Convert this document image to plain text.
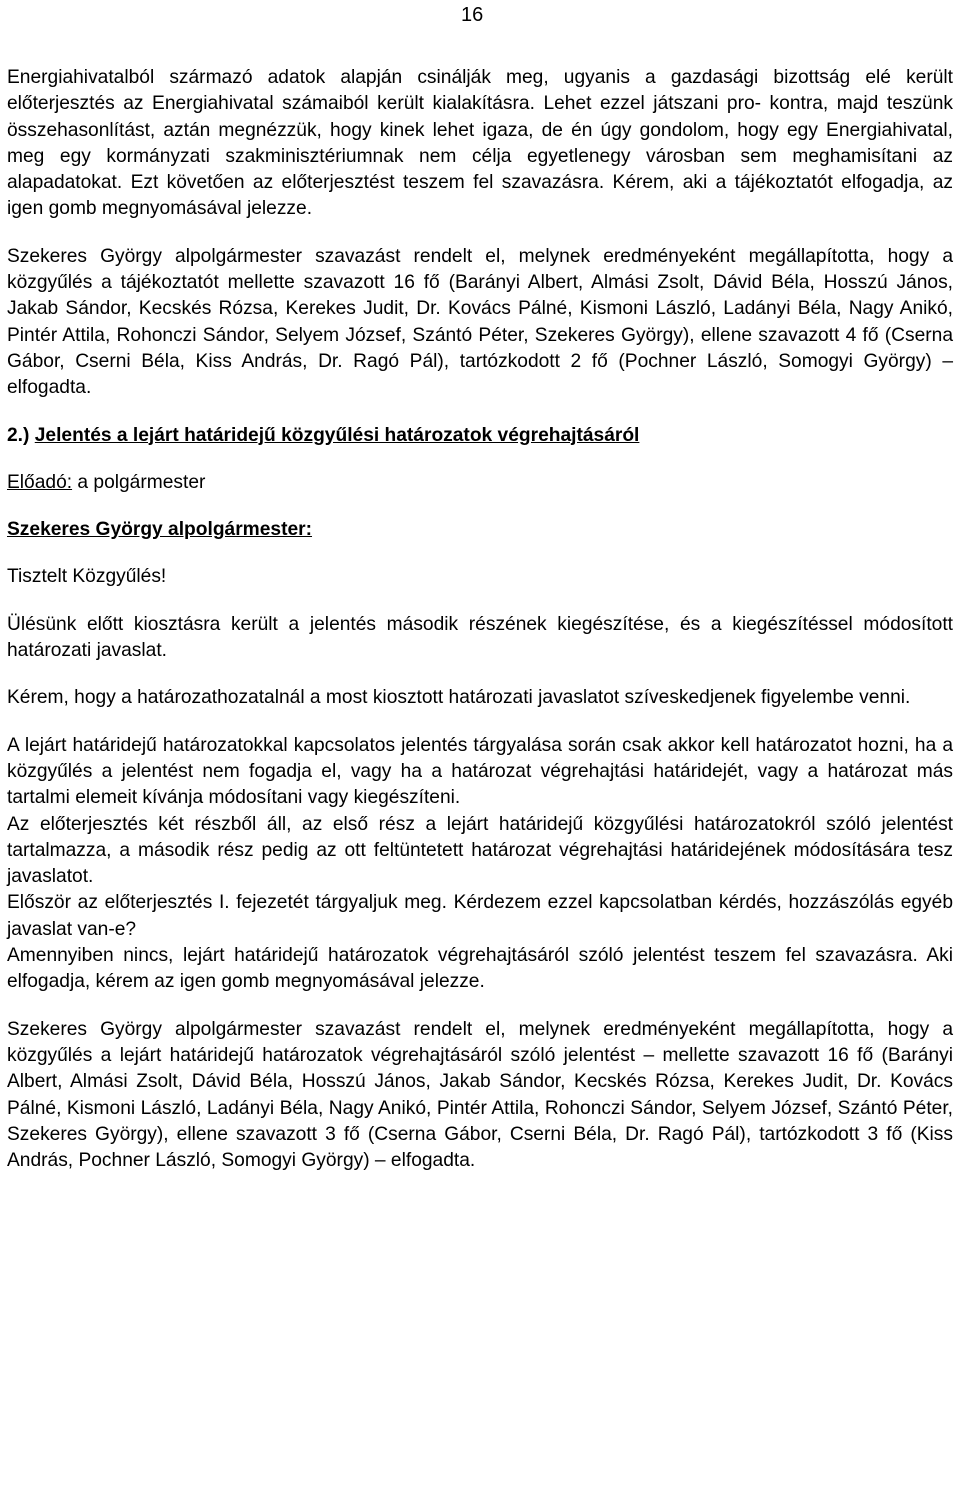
16

Energiahivatalból származó adatok alapján csinálják meg, ugyanis a gazdasági bizottság elé került előterjesztés az Energiahivatal számaiból került kialakításra. Lehet ezzel játszani pro- kontra, majd teszünk összehasonlítást, aztán megnézzük, hogy kinek lehet igaza, de én úgy gondolom, hogy egy Energiahivatal, meg egy kormányzati szakminisztériumnak nem célja egyetlenegy városban sem meghamisítani az alapadatokat. Ezt követően az előterjesztést teszem fel szavazásra. Kérem, aki a tájékoztatót elfogadja, az igen gomb megnyomásával jelezze.

Szekeres György alpolgármester szavazást rendelt el, melynek eredményeként megállapította, hogy a közgyűlés a tájékoztatót mellette szavazott 16 fő (Barányi Albert, Almási Zsolt, Dávid Béla, Hosszú János, Jakab Sándor, Kecskés Rózsa, Kerekes Judit, Dr. Kovács Pálné, Kismoni László, Ladányi Béla, Nagy Anikó, Pintér Attila, Rohonczi Sándor, Selyem József, Szántó Péter, Szekeres György), ellene szavazott 4 fő (Cserna Gábor, Cserni Béla, Kiss András, Dr. Ragó Pál), tartózkodott 2 fő (Pochner László, Somogyi György) – elfogadta.

2.) Jelentés a lejárt határidejű közgyűlési határozatok végrehajtásáról

Előadó: a polgármester

Szekeres György alpolgármester:

Tisztelt Közgyűlés!

Ülésünk előtt kiosztásra került a jelentés második részének kiegészítése, és a kiegészítéssel módosított határozati javaslat.

Kérem, hogy a határozathozatalnál a most kiosztott határozati javaslatot szíveskedjenek figyelembe venni.

A lejárt határidejű határozatokkal kapcsolatos jelentés tárgyalása során csak akkor kell határozatot hozni, ha a közgyűlés a jelentést nem fogadja el, vagy ha a határozat végrehajtási határidejét, vagy a határozat más tartalmi elemeit kívánja módosítani vagy kiegészíteni.

Az előterjesztés két részből áll, az első rész a lejárt határidejű közgyűlési határozatokról szóló jelentést tartalmazza, a második rész pedig az ott feltüntetett határozat végrehajtási határidejének módosítására tesz javaslatot.

Először az előterjesztés I. fejezetét tárgyaljuk meg. Kérdezem ezzel kapcsolatban kérdés, hozzászólás egyéb javaslat van-e?

Amennyiben nincs, lejárt határidejű határozatok végrehajtásáról szóló jelentést teszem fel szavazásra. Aki elfogadja, kérem az igen gomb megnyomásával jelezze.

Szekeres György alpolgármester szavazást rendelt el, melynek eredményeként megállapította, hogy a közgyűlés a lejárt határidejű határozatok végrehajtásáról szóló jelentést – mellette szavazott 16 fő (Barányi Albert, Almási Zsolt, Dávid Béla, Hosszú János, Jakab Sándor, Kecskés Rózsa, Kerekes Judit, Dr. Kovács Pálné, Kismoni László, Ladányi Béla, Nagy Anikó, Pintér Attila, Rohonczi Sándor, Selyem József, Szántó Péter, Szekeres György), ellene szavazott 3 fő (Cserna Gábor, Cserni Béla, Dr. Ragó Pál), tartózkodott 3 fő (Kiss András, Pochner László, Somogyi György) – elfogadta.
